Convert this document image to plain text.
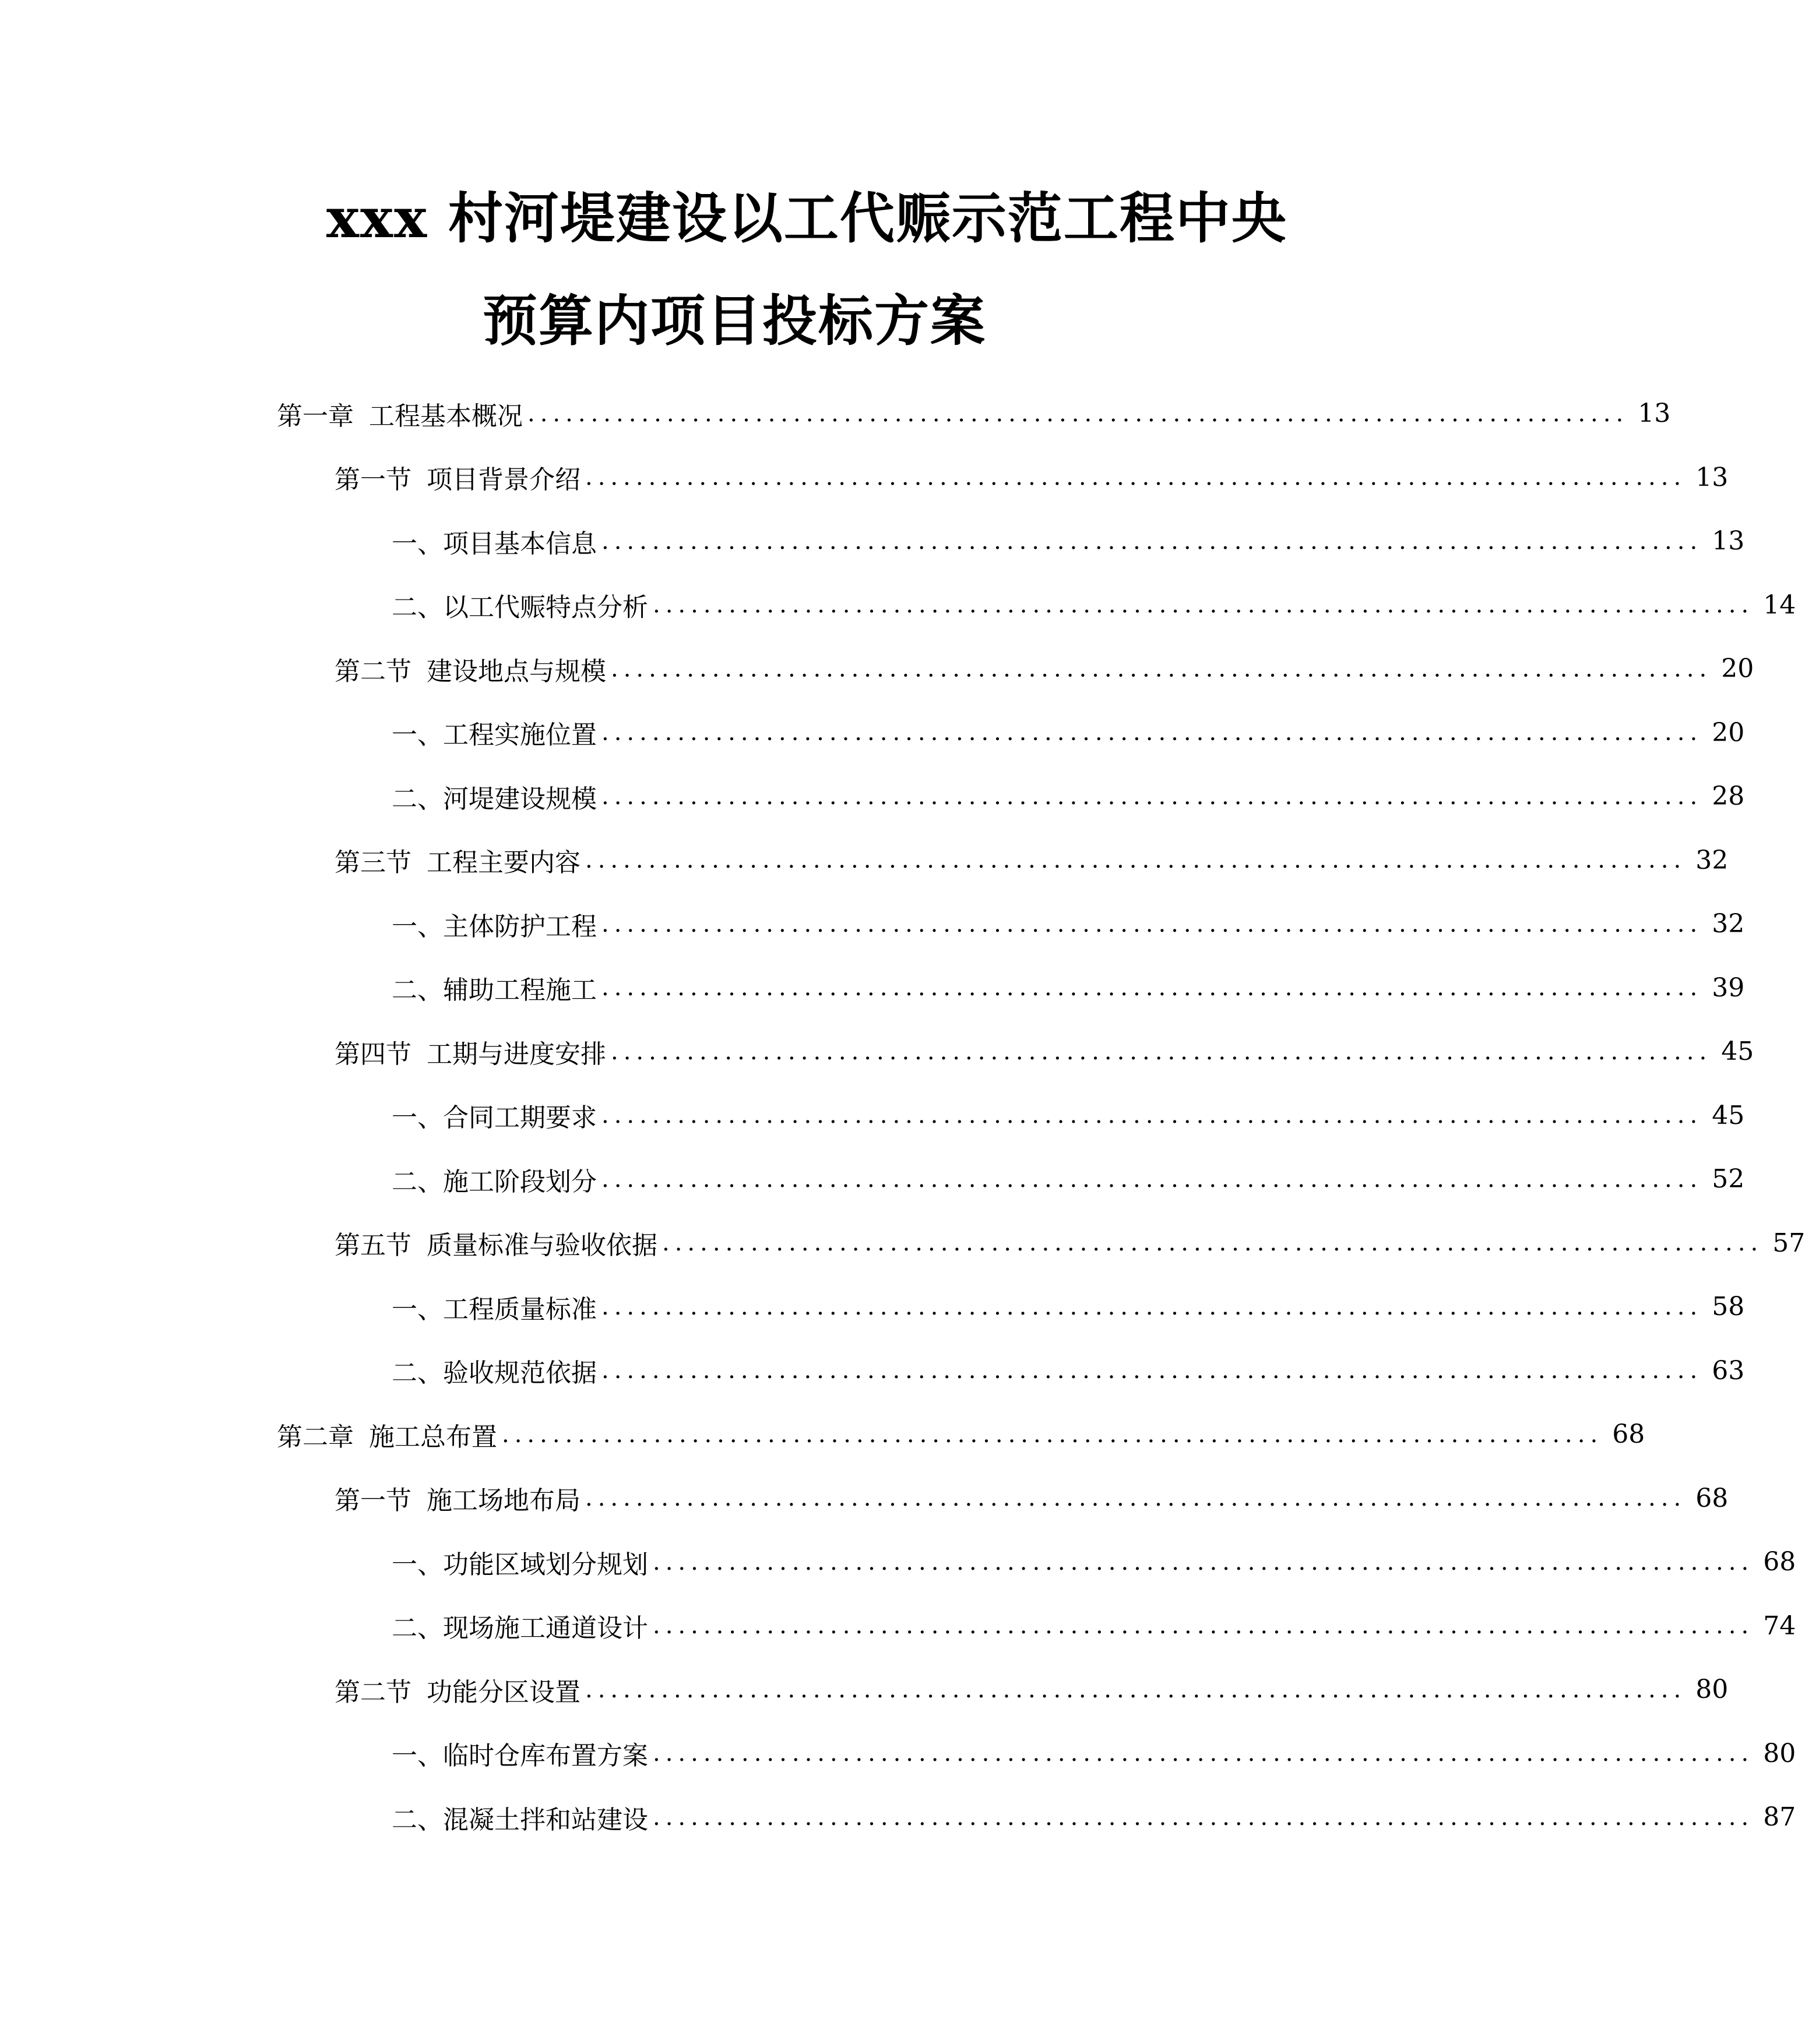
xxx 村河堤建设以工代赈示范工程中央
预算内项目投标方案
第一章 工程基本概况 ....................................................................................... 13
第一节 项目背景介绍 ....................................................................................... 13
一、 项目基本信息 ....................................................................................... 13
二、 以工代赈特点分析 ....................................................................................... 14
第二节 建设地点与规模 ....................................................................................... 20
一、 工程实施位置 ....................................................................................... 20
二、 河堤建设规模 ....................................................................................... 28
第三节 工程主要内容 ....................................................................................... 32
一、 主体防护工程 ....................................................................................... 32
二、 辅助工程施工 ....................................................................................... 39
第四节 工期与进度安排 ....................................................................................... 45
一、 合同工期要求 ....................................................................................... 45
二、 施工阶段划分 ....................................................................................... 52
第五节 质量标准与验收依据 ....................................................................................... 57
一、 工程质量标准 ....................................................................................... 58
二、 验收规范依据 ....................................................................................... 63
第二章 施工总布置 ....................................................................................... 68
第一节 施工场地布局 ....................................................................................... 68
一、 功能区域划分规划 ....................................................................................... 68
二、 现场施工通道设计 ....................................................................................... 74
第二节 功能分区设置 ....................................................................................... 80
一、 临时仓库布置方案 ....................................................................................... 80
二、 混凝土拌和站建设 ....................................................................................... 87
